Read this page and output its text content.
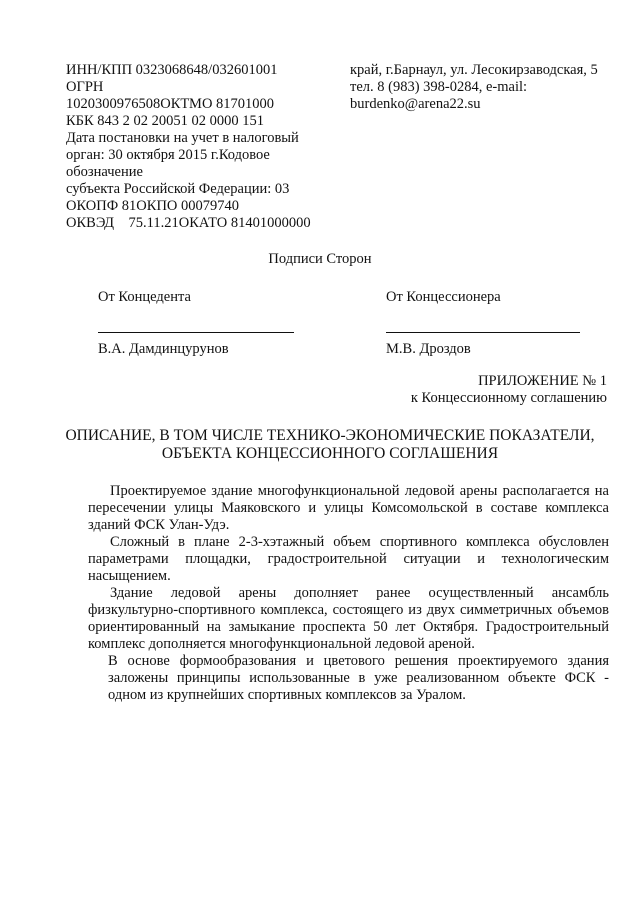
ИНН/КПП 0323068648/032601001
ОГРН
1020300976508ОКТМО 81701000
КБК 843 2 02 20051 02 0000 151
Дата постановки на учет в налоговый
орган: 30 октября 2015 г.Кодовое
обозначение
субъекта Российской Федерации: 03
ОКОПФ 81ОКПО 00079740
ОКВЭД    75.11.21ОКАТО 81401000000
край, г.Барнаул, ул. Лесокирзаводская, 5
тел. 8 (983) 398-0284, e-mail:
burdenko@arena22.su
Подписи Сторон
От Концедента	От Концессионера
В.А. Дамдинцурунов	М.В. Дроздов
ПРИЛОЖЕНИЕ № 1
к Концессионному соглашению
ОПИСАНИЕ, В ТОМ ЧИСЛЕ ТЕХНИКО-ЭКОНОМИЧЕСКИЕ ПОКАЗАТЕЛИ,
ОБЪЕКТА КОНЦЕССИОННОГО СОГЛАШЕНИЯ

Проектируемое здание многофункциональной ледовой арены располагается на пересечении улицы Маяковского и улицы Комсомольской в составе комплекса зданий ФСК Улан-Удэ.

Сложный в плане 2-3-хэтажный объем спортивного комплекса обусловлен параметрами площадки, градостроительной ситуации и технологическим насыщением.

Здание ледовой арены дополняет ранее осуществленный ансамбль физкультурно-спортивного комплекса, состоящего из двух симметричных объемов ориентированный на замыкание проспекта 50 лет Октября. Градостроительный комплекс дополняется многофункциональной ледовой ареной.

В основе формообразования и цветового решения проектируемого здания заложены принципы использованные в уже реализованном объекте ФСК - одном из крупнейших спортивных комплексов за Уралом.
